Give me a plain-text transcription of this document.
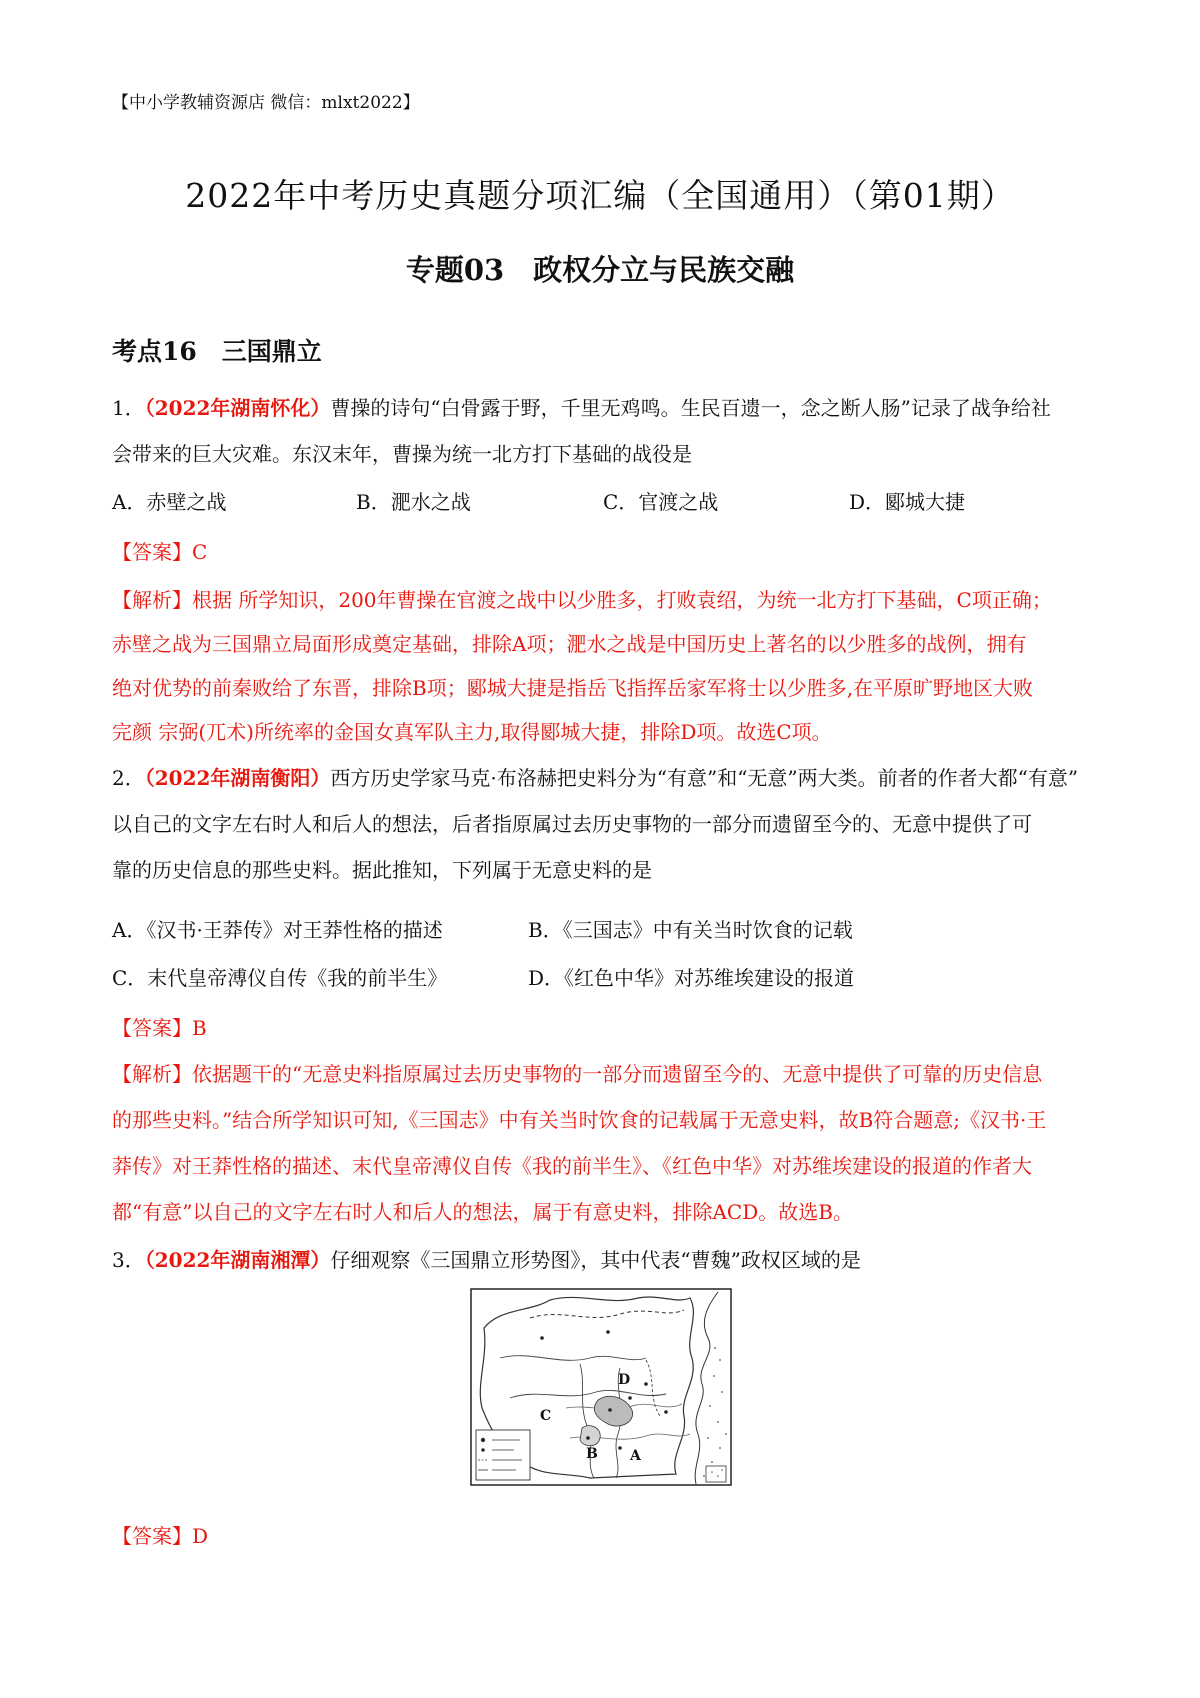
【中小学教辅资源店 微信：mlxt2022】
2022年中考历史真题分项汇编（全国通用）（第01期）
专题03　政权分立与民族交融
考点16　三国鼎立
1．（2022年湖南怀化）曹操的诗句“白骨露于野，千里无鸡鸣。生民百遗一，念之断人肠”记录了战争给社
会带来的巨大灾难。东汉末年，曹操为统一北方打下基础的战役是
A．赤壁之战	B．淝水之战	C．官渡之战	D．郾城大捷
【答案】C
【解析】根据 所学知识，200年曹操在官渡之战中以少胜多，打败袁绍，为统一北方打下基础，C项正确；
赤壁之战为三国鼎立局面形成奠定基础，排除A项；淝水之战是中国历史上著名的以少胜多的战例，拥有
绝对优势的前秦败给了东晋，排除B项；郾城大捷是指岳飞指挥岳家军将士以少胜多,在平原旷野地区大败
完颜 宗弼(兀术)所统率的金国女真军队主力,取得郾城大捷，排除D项。故选C项。
2．（2022年湖南衡阳）西方历史学家马克·布洛赫把史料分为“有意”和“无意”两大类。前者的作者大都“有意”
以自己的文字左右时人和后人的想法，后者指原属过去历史事物的一部分而遗留至今的、无意中提供了可
靠的历史信息的那些史料。据此推知，下列属于无意史料的是
A．《汉书·王莽传》对王莽性格的描述	B．《三国志》中有关当时饮食的记载
C．末代皇帝溥仪自传《我的前半生》	D．《红色中华》对苏维埃建设的报道
【答案】B
【解析】依据题干的“无意史料指原属过去历史事物的一部分而遗留至今的、无意中提供了可靠的历史信息
的那些史料。”结合所学知识可知,《三国志》中有关当时饮食的记载属于无意史料，故B符合题意;《汉书·王
莽传》对王莽性格的描述、末代皇帝溥仪自传《我的前半生》、《红色中华》对苏维埃建设的报道的作者大
都“有意”以自己的文字左右时人和后人的想法，属于有意史料，排除ACD。故选B。
3．（2022年湖南湘潭）仔细观察《三国鼎立形势图》，其中代表“曹魏”政权区域的是
D
C
B A
【答案】D
